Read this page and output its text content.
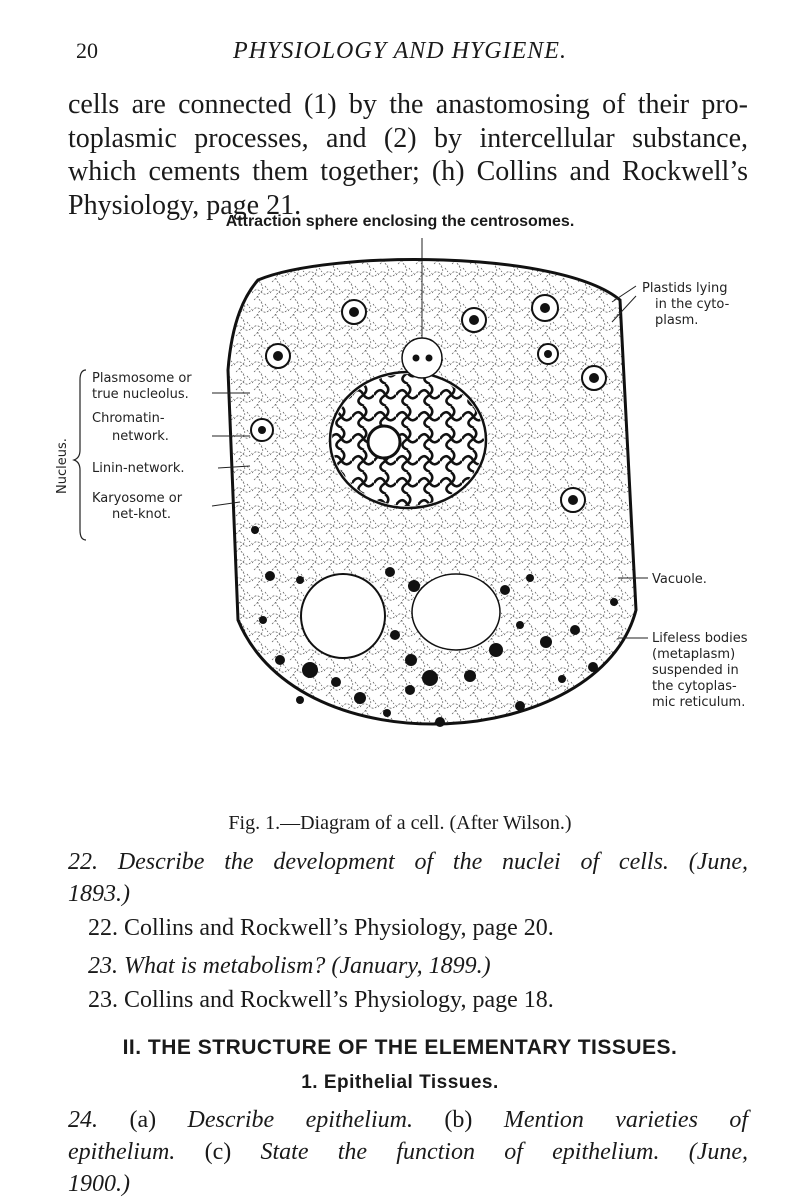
20	PHYSIOLOGY AND HYGIENE.
cells are connected (1) by the anastomosing of their pro-
toplasmic processes, and (2) by intercellular substance,
which cements them together; (h) Collins and Rockwell’s
Physiology, page 21.
Attraction sphere enclosing the centrosomes.
Nucleus.
Plasmosome or
true nucleolus.
Chromatin-
network.
Linin-network.
Karyosome or
net-knot.
Plastids lying
in the cyto-
plasm.
Vacuole.
Lifeless bodies
(metaplasm)
suspended in
the cytoplas-
mic reticulum.
Fig. 1.—Diagram of a cell. (After Wilson.)
22. Describe the development of the nuclei of cells. (June,
1893.)
22. Collins and Rockwell’s Physiology, page 20.
23. What is metabolism? (January, 1899.)
23. Collins and Rockwell’s Physiology, page 18.
II. THE STRUCTURE OF THE ELEMENTARY TISSUES.
1. Epithelial Tissues.
24. (a) Describe epithelium. (b) Mention varieties of
epithelium. (c) State the function of epithelium. (June,
1900.)
